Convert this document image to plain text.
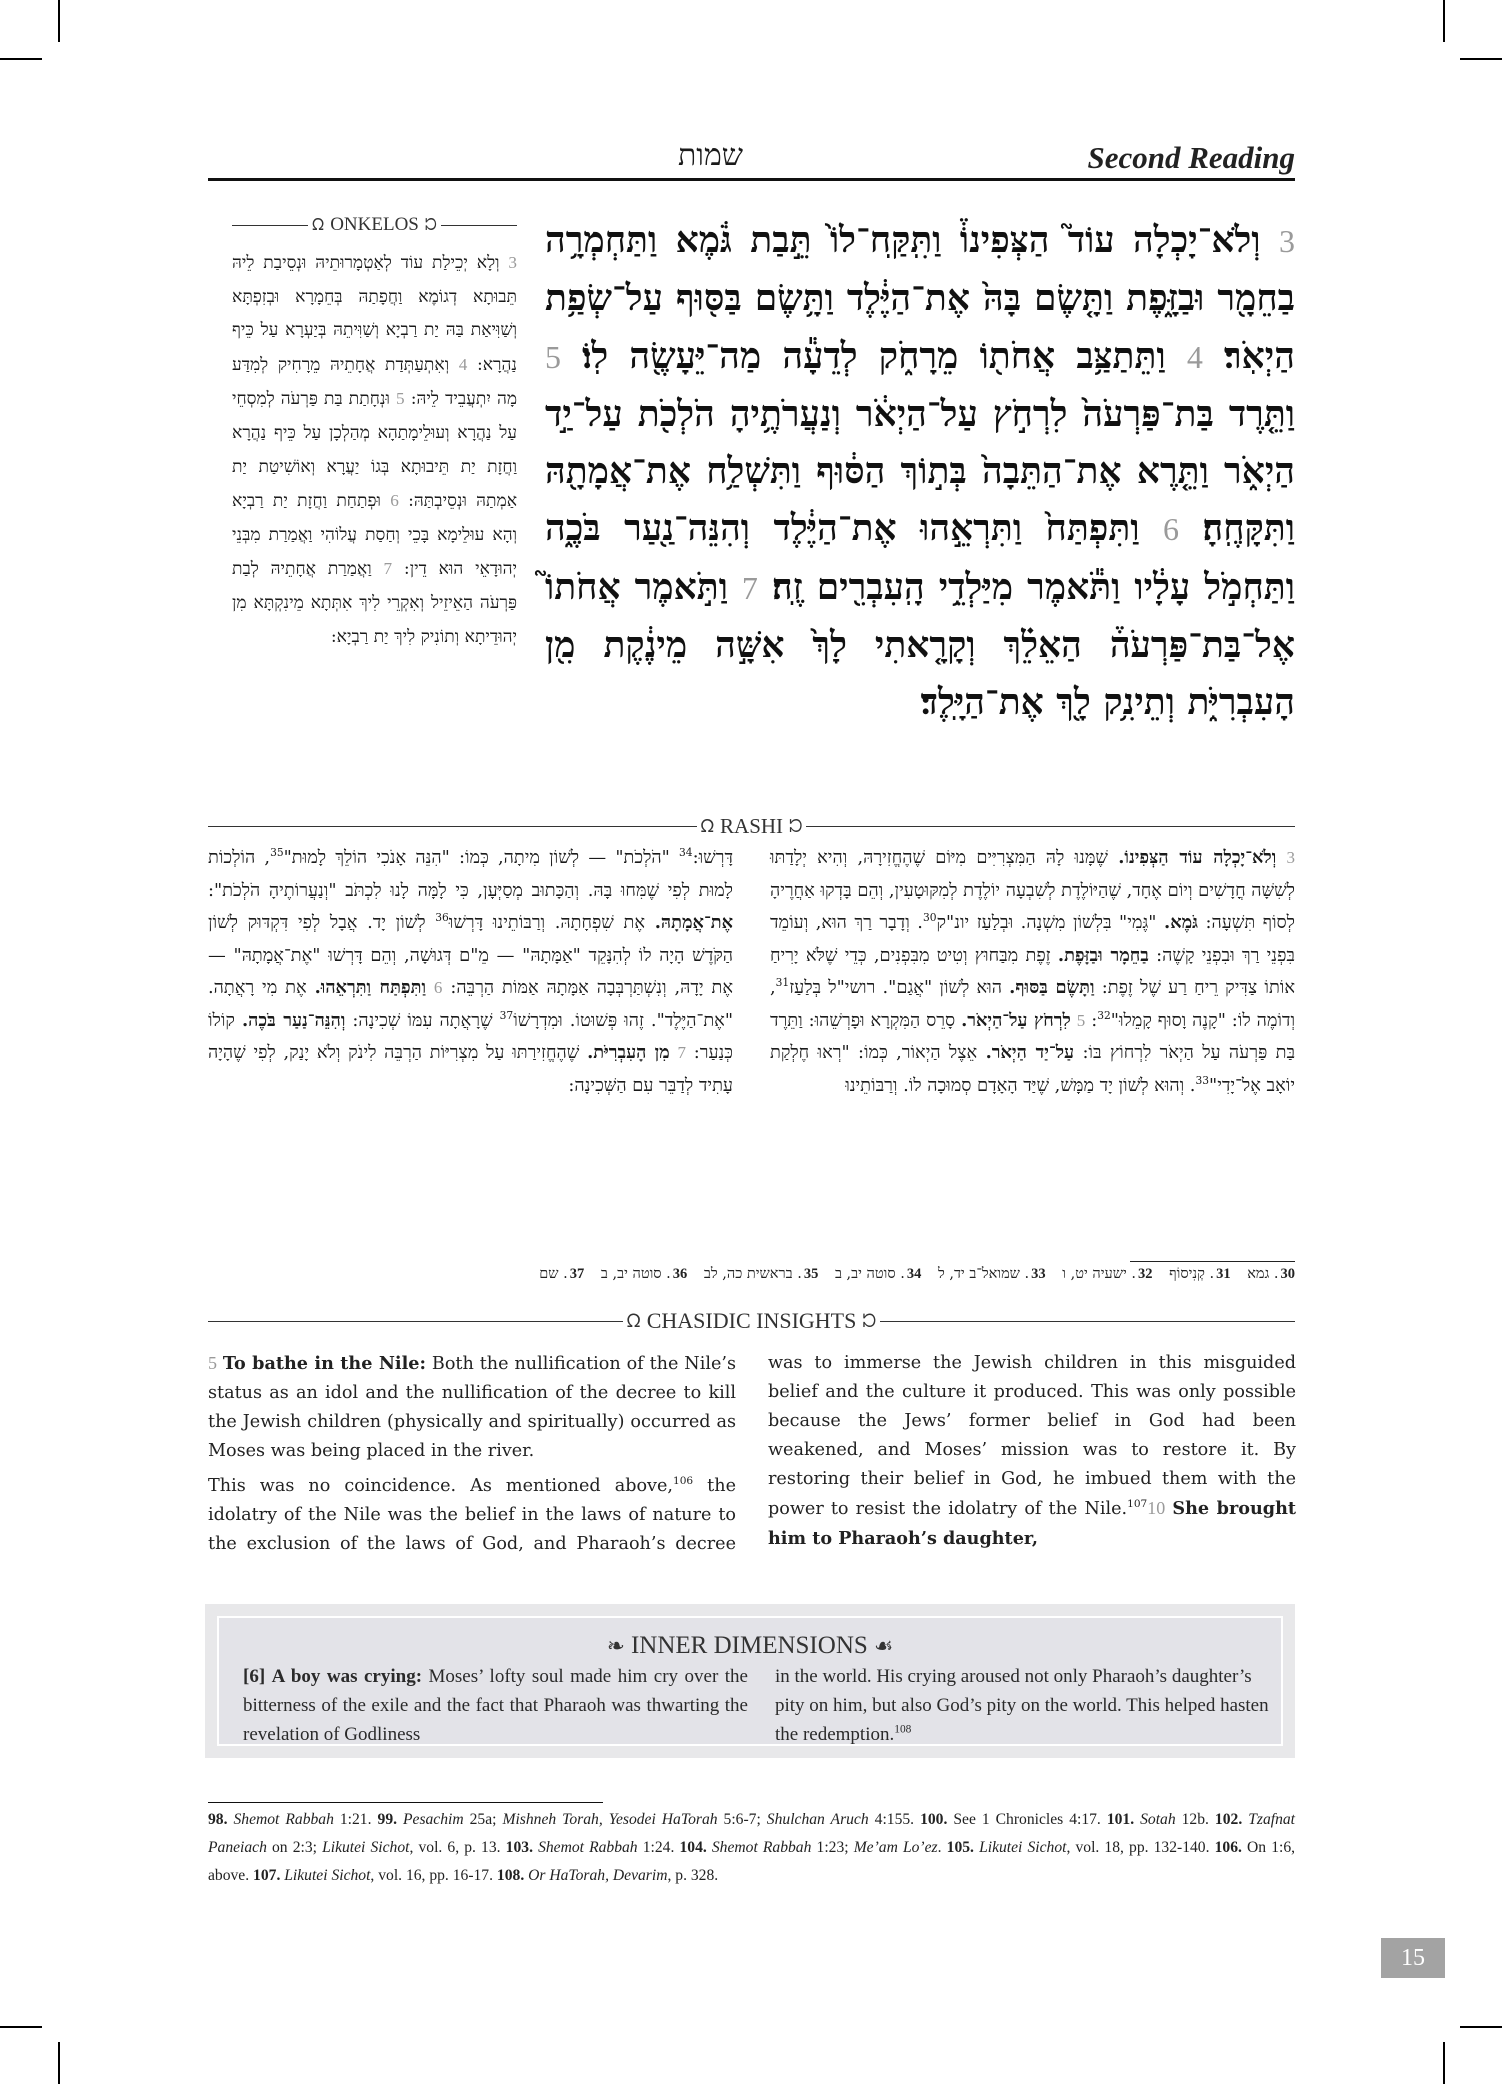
שמות	Second Reading
ᘯ ONKELOS ᘰ
3 וְלָא יְכֵילַת עוֹד לְאַטְמָרוּתֵיהּ וּנְסֵיבַת לֵיהּ תֵּבוּתָא דְגוֹמֶא וַחֲפָתַהּ בְּחֵמָרָא וּבְזִפְתָּא וְשַׁוִּיאַת בַּהּ יַת רַבְיָא וְשַׁוִּיתֵהּ בְּיַעְרָא עַל כֵּיף נַהֲרָא: 4 וְאִתְעַתְּדַת אֲחָתֵיהּ מֵרָחִיק לְמִדַּע מָה יִתְעֲבֵיד לֵיהּ: 5 וּנְחָתַת בַּת פַּרְעֹה לְמִסְחֵי עַל נַהֲרָא וְעוּלֵימָתַהָא מְהַלְכָן עַל כֵּיף נַהֲרָא וַחֲזָת יַת תֵּיבוּתָא בְּגוֹ יַעֲרָא וְאוֹשִׁיטַת יַת אַמְתַהּ וּנְסֵיבְתַּהּ: 6 וּפְתַחַת וַחֲזָת יַת רַבְיָא וְהָא עוּלֵימָא בָּכֵי וְחַסַת עֲלוֹהִי וַאֲמַרַת מִבְּנֵי יְהוּדָאֵי הוּא דֵין: 7 וַאֲמַרַת אֲחָתֵיהּ לְבַת פַּרְעֹה הַאֵיזֵיל וְאִקְרֵי לִיךְ אִתְּתָא מֵינִקְתָּא מִן יְהוּדֵיתָא וְתוֹנִיק לִיךְ יַת רַבְיָא:
3 וְלֹא־יָכְלָה עוֹד֮ הַצְּפִינוֹ֒ וַתִּֽקַּֽח־לוֹ֙ תֵּ֣בַת גֹּ֔מֶא וַתַּחְמְרָ֥ה בַחֵמָ֖ר וּבַזָּ֑פֶת וַתָּ֤שֶׂם בָּהּ֙ אֶת־הַיֶּ֔לֶד וַתָּ֥שֶׂם בַּסּ֖וּף עַל־שְׂפַ֥ת הַיְאֹֽר׃ 4 וַתֵּתַצַּ֥ב אֲחֹת֖וֹ מֵרָחֹ֑ק לְדֵעָ֕ה מַה־יֵּעָשֶׂ֖ה לֽוֹ׃ 5 וַתֵּ֤רֶד בַּת־פַּרְעֹה֙ לִרְחֹ֣ץ עַל־הַיְאֹ֔ר וְנַעֲרֹתֶ֥יהָ הֹלְכֹ֖ת עַל־יַ֣ד הַיְאֹ֑ר וַתֵּ֤רֶא אֶת־הַתֵּבָה֙ בְּת֣וֹךְ הַסּ֔וּף וַתִּשְׁלַ֥ח אֶת־אֲמָתָ֖הּ וַתִּקָּחֶֽהָ׃ 6 וַתִּפְתַּח֙ וַתִּרְאֵ֣הוּ אֶת־הַיֶּ֔לֶד וְהִנֵּה־נַ֖עַר בֹּכֶ֑ה וַתַּחְמֹ֣ל עָלָ֔יו וַתֹּ֕אמֶר מִיַּלְדֵ֥י הָֽעִבְרִ֖ים זֶֽה׃ 7 וַתֹּ֣אמֶר אֲחֹתוֹ֮ אֶל־בַּת־פַּרְעֹה֒ הַאֵלֵ֗ךְ וְקָרָ֤אתִי לָךְ֙ אִשָּׁ֣ה מֵינֶ֔קֶת מִ֖ן הָעִבְרִיֹּ֑ת וְתֵינִ֥ק לָ֖ךְ אֶת־הַיָּֽלֶד׃
ᘯ RASHI ᘰ
3 וְלֹא־יָכְלָה עוֹד הַצְּפִינוֹ. שֶׁמָּנוּ לָהּ הַמִּצְרִיִּים מִיּוֹם שֶׁהֶחֱזִירָהּ, וְהִיא יְלָדַתּוּ לְשִׁשָּׁה חֳדָשִׁים וְיוֹם אֶחָד, שֶׁהַיּוֹלֶדֶת לְשִׁבְעָה יוֹלֶדֶת לְמִקּוּטָעִין, וְהֵם בָּדְקוּ אַחֲרֶיהָ לְסוֹף תִּשְׁעָה: גֹּמֶא. "גֶּמִי" בִּלְשׁוֹן מִשְׁנָה. וּבְלַעַז יונ"ק$^{30}$. וְדָבָר רַךְ הוּא, וְעוֹמֵד בִּפְנֵי רַךְ וּבִפְנֵי קָשֶׁה: בַחֵמָר וּבַזָּפֶת. זֶפֶת מִבַּחוּץ וְטִיט מִבִּפְנִים, כְּדֵי שֶׁלֹּא יָרִיחַ אוֹתוֹ צַדִּיק רֵיחַ רַע שֶׁל זֶפֶת: וַתָּשֶׂם בַּסּוּף. הוּא לְשׁוֹן "אֲגַם". רושי"ל בְּלַעַז$^{31}$, וְדוֹמֶה לוֹ: "קָנֶה וָסוּף קָמֵלוּ"$^{32}$: 5 לִרְחֹץ עַל־הַיְאֹר. סָרֵס הַמִּקְרָא וּפָרְשֵׁהוּ: וַתֵּרֶד בַּת פַּרְעֹה עַל הַיְאֹר לִרְחוֹץ בּוֹ: עַל־יַד הַיְאֹר. אֵצֶל הַיְאוֹר, כְּמוֹ: "רְאוּ חֶלְקַת יוֹאָב אֶל־יָדִי"$^{33}$. וְהוּא לְשׁוֹן יָד מַמָּשׁ, שֶׁיַּד הָאָדָם סְמוּכָה לוֹ. וְרַבּוֹתֵינוּ
דָּרְשׁוּ:$^{34}$ "הֹלְכֹת" — לְשׁוֹן מִיתָה, כְּמוֹ: "הִנֵּה אָנֹכִי הוֹלֵךְ לָמוּת"$^{35}$, הוֹלְכוֹת לָמוּת לְפִי שֶׁמִּחוּ בָּהּ. וְהַכָּתוּב מְסַיְּעָן, כִּי לָמָּה לָנוּ לִכְתֹּב "וְנַעֲרוֹתֶיהָ הֹלְכֹת": אֶת־אֲמָתָהּ. אֶת שִׁפְחָתָהּ. וְרַבּוֹתֵינוּ דָּרְשׁוּ$^{36}$ לְשׁוֹן יָד. אֲבָל לְפִי דִּקְדּוּק לְשׁוֹן הַקֹּדֶשׁ הָיָה לוֹ לְהִנָּקֵד "אַמָּתָהּ" — מֵ"ם דְּגוּשָׁה, וְהֵם דָּרְשׁוּ "אֶת־אֲמָתָהּ" — אֶת יָדָהּ, וְנִשְׁתַּרְבְּבָה אַמָּתָהּ אַמּוֹת הַרְבֵּה: 6 וַתִּפְתַּח וַתִּרְאֵהוּ. אֶת מִי רָאֲתָה. "אֶת־הַיֶּלֶד". זֶהוּ פְּשׁוּטוֹ. וּמִדְרָשׁוֹ$^{37}$ שֶׁרָאֲתָה עִמּוֹ שְׁכִינָה: וְהִנֵּה־נַעַר בֹּכֶה. קוֹלוֹ כְּנַעַר: 7 מִן הָעִבְרִיֹּת. שֶׁהֶחֱזִירַתּוּ עַל מִצְרִיּוֹת הַרְבֵּה לִינֹק וְלֹא יָנַק, לְפִי שֶׁהָיָה עָתִיד לְדַבֵּר עִם הַשְּׁכִינָה:
30. גמא 31. קְנִיסוֹף 32. ישעיה יט, ו 33. שמואל־ב יד, ל 34. סוטה יב, ב 35. בראשית כה, לב 36. סוטה יב, ב 37. שם
ᘯ CHASIDIC INSIGHTS ᘰ

5 To bathe in the Nile: Both the nullification of the Nile’s status as an idol and the nullification of the decree to kill the Jewish children (physically and spiritually) occurred as Moses was being placed in the river.

This was no coincidence. As mentioned above,$^{106}$ the idolatry of the Nile was the belief in the laws of nature to the exclusion of the laws of God, and Pharaoh’s decree

was to immerse the Jewish children in this misguided belief and the culture it produced. This was only possible because the Jews’ former belief in God had been weakened, and Moses’ mission was to restore it. By restoring their belief in God, he imbued them with the power to resist the idolatry of the Nile.$^{107}$10 She brought him to Pharaoh’s daughter,

❧ INNER DIMENSIONS ☙
[6] A boy was crying: Moses’ lofty soul made him cry over the bitterness of the exile and the fact that Pharaoh was thwarting the revelation of Godliness
in the world. His crying aroused not only Pharaoh’s daughter’s pity on him, but also God’s pity on the world. This helped hasten the redemption.$^{108}$
98. Shemot Rabbah 1:21. 99. Pesachim 25a; Mishneh Torah, Yesodei HaTorah 5:6-7; Shulchan Aruch 4:155. 100. See 1 Chronicles 4:17. 101. Sotah 12b. 102. Tzafnat Paneiach on 2:3; Likutei Sichot, vol. 6, p. 13. 103. Shemot Rabbah 1:24. 104. Shemot Rabbah 1:23; Me’am Lo’ez. 105. Likutei Sichot, vol. 18, pp. 132-140. 106. On 1:6, above. 107. Likutei Sichot, vol. 16, pp. 16-17. 108. Or HaTorah, Devarim, p. 328.
15
